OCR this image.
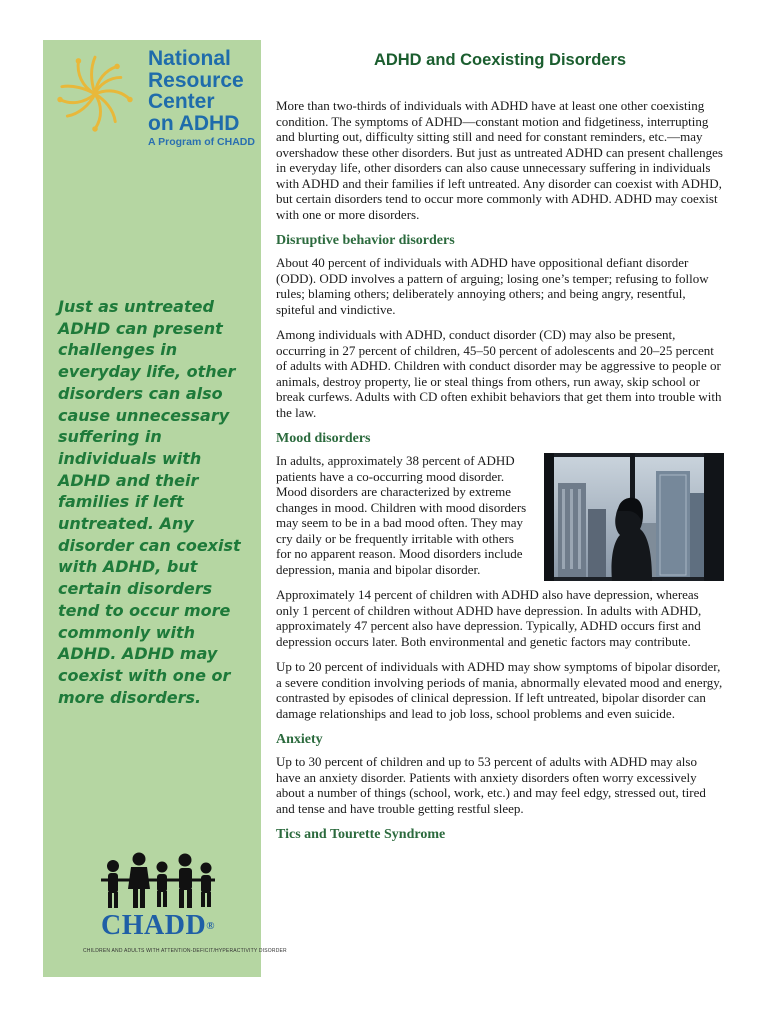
National
Resource
Center
on ADHD
A Program of CHADD
Just as untreated ADHD can present challenges in everyday life, other disorders can also cause unnecessary suffering in individuals with ADHD and their families if left untreated. Any disorder can coexist with ADHD, but certain disorders tend to occur more commonly with ADHD. ADHD may coexist with one or more disorders.
CHADD®
CHILDREN AND ADULTS WITH ATTENTION-DEFICIT/HYPERACTIVITY DISORDER
ADHD and Coexisting Disorders

More than two-thirds of individuals with ADHD have at least one other coexisting condition. The symptoms of ADHD—constant motion and fidgetiness, interrupting and blurting out, difficulty sitting still and need for constant reminders, etc.—may overshadow these other disorders. But just as untreated ADHD can present challenges in everyday life, other disorders can also cause unnecessary suffering in individuals with ADHD and their families if left untreated. Any disorder can coexist with ADHD, but certain disorders tend to occur more commonly with ADHD. ADHD may coexist with one or more disorders.

Disruptive behavior disorders

About 40 percent of individuals with ADHD have oppositional defiant disorder (ODD). ODD involves a pattern of arguing; losing one’s temper; refusing to follow rules; blaming others; deliberately annoying others; and being angry, resentful, spiteful and vindictive.

Among individuals with ADHD, conduct disorder (CD) may also be present, occurring in 27 percent of children, 45–50 percent of adolescents and 20–25 percent of adults with ADHD. Children with conduct disorder may be aggressive to people or animals, destroy property, lie or steal things from others, run away, skip school or break curfews. Adults with CD often exhibit behaviors that get them into trouble with the law.

Mood disorders

In adults, approximately 38 percent of ADHD patients have a co-occurring mood disorder. Mood disorders are characterized by extreme changes in mood. Children with mood disorders may seem to be in a bad mood often. They may cry daily or be frequently irritable with others for no apparent reason. Mood disorders include depression, mania and bipolar disorder.

Approximately 14 percent of children with ADHD also have depression, whereas only 1 percent of children without ADHD have depression. In adults with ADHD, approximately 47 percent also have depression. Typically, ADHD occurs first and depression occurs later. Both environmental and genetic factors may contribute.

Up to 20 percent of individuals with ADHD may show symptoms of bipolar disorder, a severe condition involving periods of mania, abnormally elevated mood and energy, contrasted by episodes of clinical depression. If left untreated, bipolar disorder can damage relationships and lead to job loss, school problems and even suicide.

Anxiety

Up to 30 percent of children and up to 53 percent of adults with ADHD may also have an anxiety disorder. Patients with anxiety disorders often worry excessively about a number of things (school, work, etc.) and may feel edgy, stressed out, tired and tense and have trouble getting restful sleep.

Tics and Tourette Syndrome
